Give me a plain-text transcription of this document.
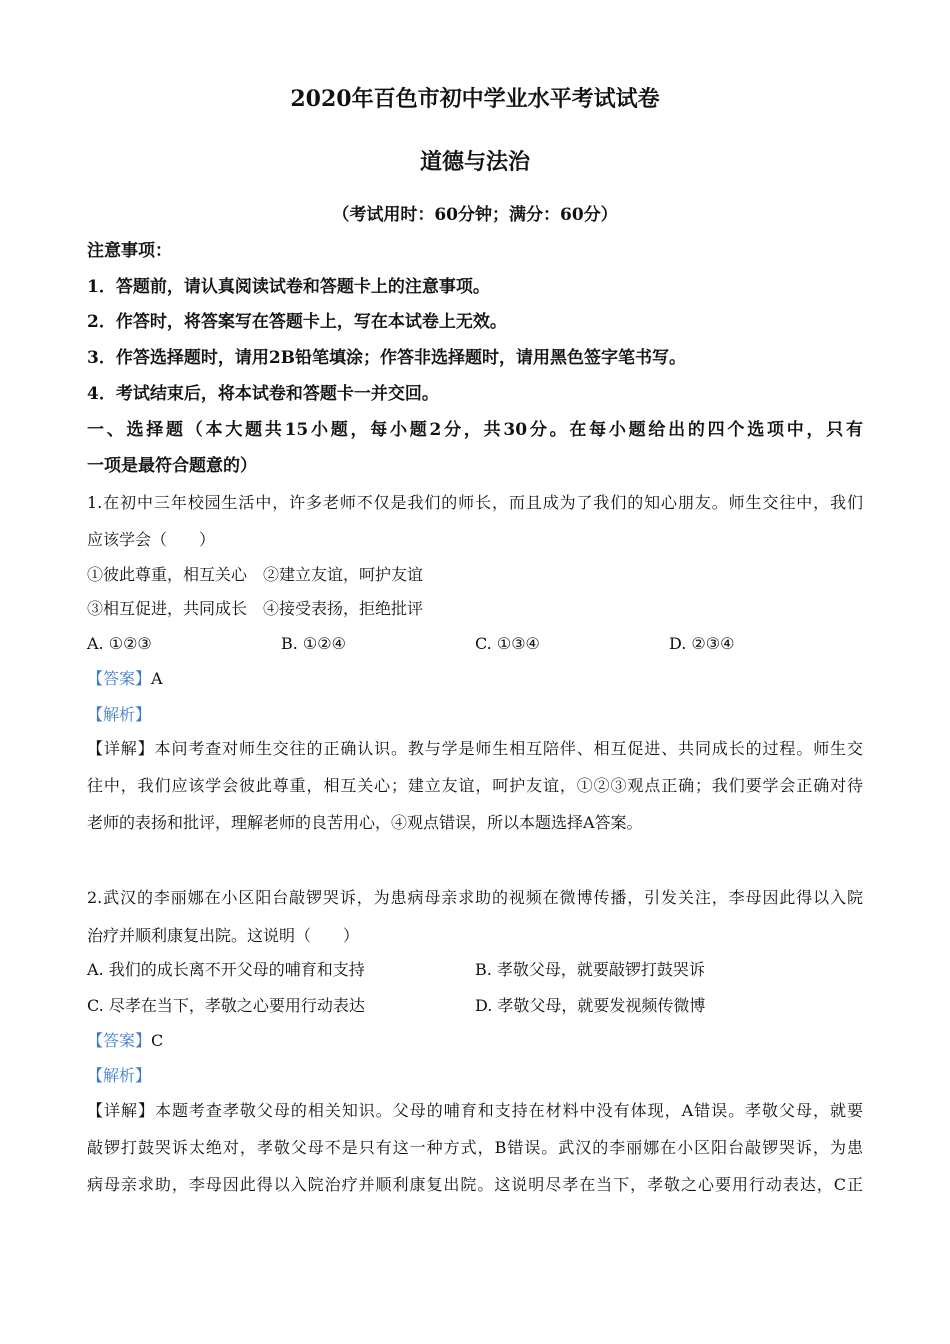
2020年百色市初中学业水平考试试卷
道德与法治
（考试用时：60分钟；满分：60分）
注意事项：
1．答题前，请认真阅读试卷和答题卡上的注意事项。
2．作答时，将答案写在答题卡上，写在本试卷上无效。
3．作答选择题时，请用2B铅笔填涂；作答非选择题时，请用黑色签字笔书写。
4．考试结束后，将本试卷和答题卡一并交回。
一、选择题（本大题共15小题，每小题2分，共30分。在每小题给出的四个选项中，只有
一项是最符合题意的）
1.在初中三年校园生活中，许多老师不仅是我们的师长，而且成为了我们的知心朋友。师生交往中，我们
应该学会（　　）
①彼此尊重，相互关心　②建立友谊，呵护友谊
③相互促进，共同成长　④接受表扬，拒绝批评
A. ①②③	B. ①②④	C. ①③④	D. ②③④
【答案】A
【解析】
【详解】本问考查对师生交往的正确认识。教与学是师生相互陪伴、相互促进、共同成长的过程。师生交
往中，我们应该学会彼此尊重，相互关心；建立友谊，呵护友谊，①②③观点正确；我们要学会正确对待
老师的表扬和批评，理解老师的良苦用心，④观点错误，所以本题选择A答案。
2.武汉的李丽娜在小区阳台敲锣哭诉，为患病母亲求助的视频在微博传播，引发关注，李母因此得以入院
治疗并顺利康复出院。这说明（　　）
A. 我们的成长离不开父母的哺育和支持	B. 孝敬父母，就要敲锣打鼓哭诉
C. 尽孝在当下，孝敬之心要用行动表达	D. 孝敬父母，就要发视频传微博
【答案】C
【解析】
【详解】本题考查孝敬父母的相关知识。父母的哺育和支持在材料中没有体现，A错误。孝敬父母，就要
敲锣打鼓哭诉太绝对，孝敬父母不是只有这一种方式，B错误。武汉的李丽娜在小区阳台敲锣哭诉，为患
病母亲求助，李母因此得以入院治疗并顺利康复出院。这说明尽孝在当下，孝敬之心要用行动表达，C正
